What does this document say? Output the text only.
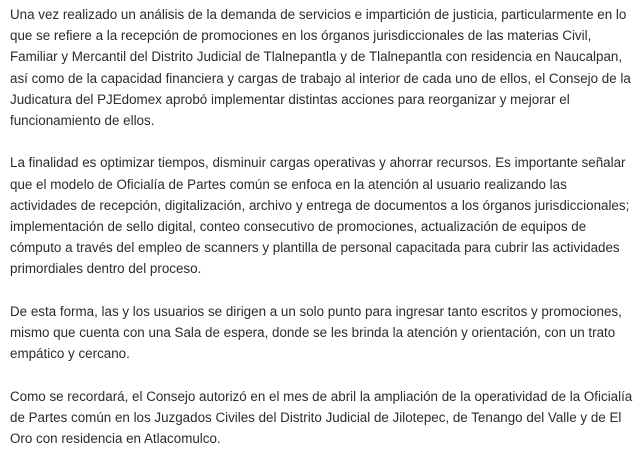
Una vez realizado un análisis de la demanda de servicios e impartición de justicia, particularmente en lo que se refiere a la recepción de promociones en los órganos jurisdiccionales de las materias Civil, Familiar y Mercantil del Distrito Judicial de Tlalnepantla y de Tlalnepantla con residencia en Naucalpan, así como de la capacidad financiera y cargas de trabajo al interior de cada uno de ellos, el Consejo de la Judicatura del PJEdomex aprobó implementar distintas acciones para reorganizar y mejorar el funcionamiento de ellos.

La finalidad es optimizar tiempos, disminuir cargas operativas y ahorrar recursos. Es importante señalar que el modelo de Oficialía de Partes común se enfoca en la atención al usuario realizando las actividades de recepción, digitalización, archivo y entrega de documentos a los órganos jurisdiccionales; implementación de sello digital, conteo consecutivo de promociones, actualización de equipos de cómputo a través del empleo de scanners y plantilla de personal capacitada para cubrir las actividades primordiales dentro del proceso.

De esta forma, las y los usuarios se dirigen a un solo punto para ingresar tanto escritos y promociones, mismo que cuenta con una Sala de espera, donde se les brinda la atención y orientación, con un trato empático y cercano.

Como se recordará, el Consejo autorizó en el mes de abril la ampliación de la operatividad de la Oficialía de Partes común en los Juzgados Civiles del Distrito Judicial de Jilotepec, de Tenango del Valle y de El Oro con residencia en Atlacomulco.
